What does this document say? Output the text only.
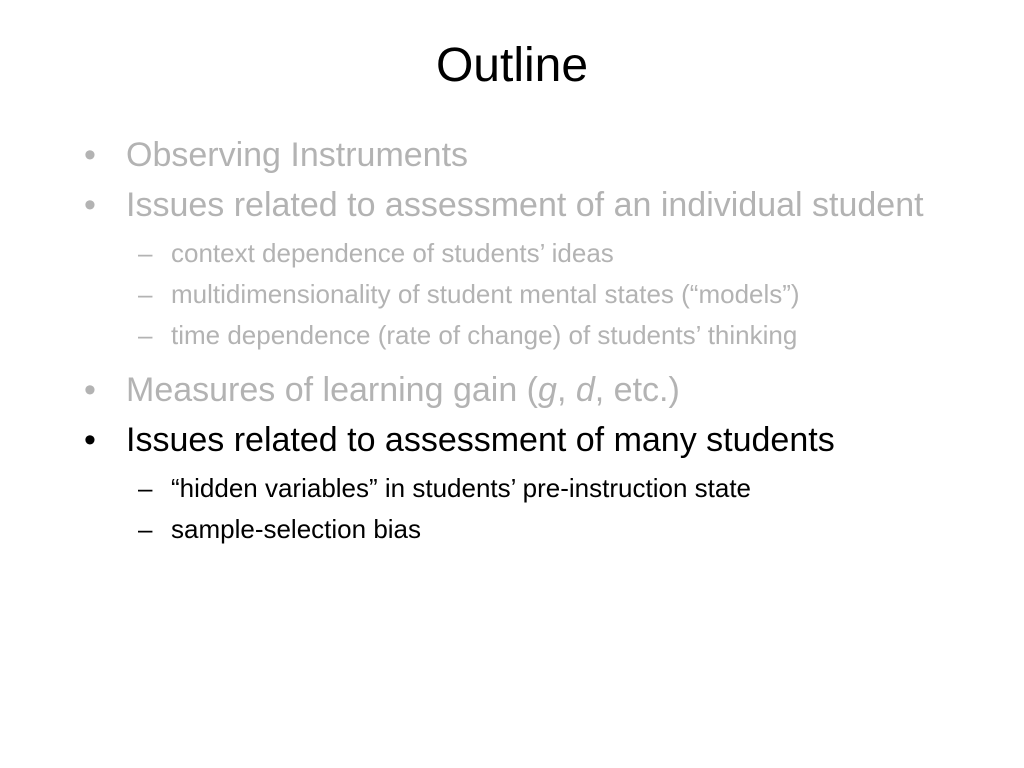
Outline
• Observing Instruments
• Issues related to assessment of an individual student
– context dependence of students’ ideas
– multidimensionality of student mental states (“models”)
– time dependence (rate of change) of students’ thinking
• Measures of learning gain (g, d, etc.)
• Issues related to assessment of many students
– “hidden variables” in students’ pre-instruction state
– sample-selection bias
